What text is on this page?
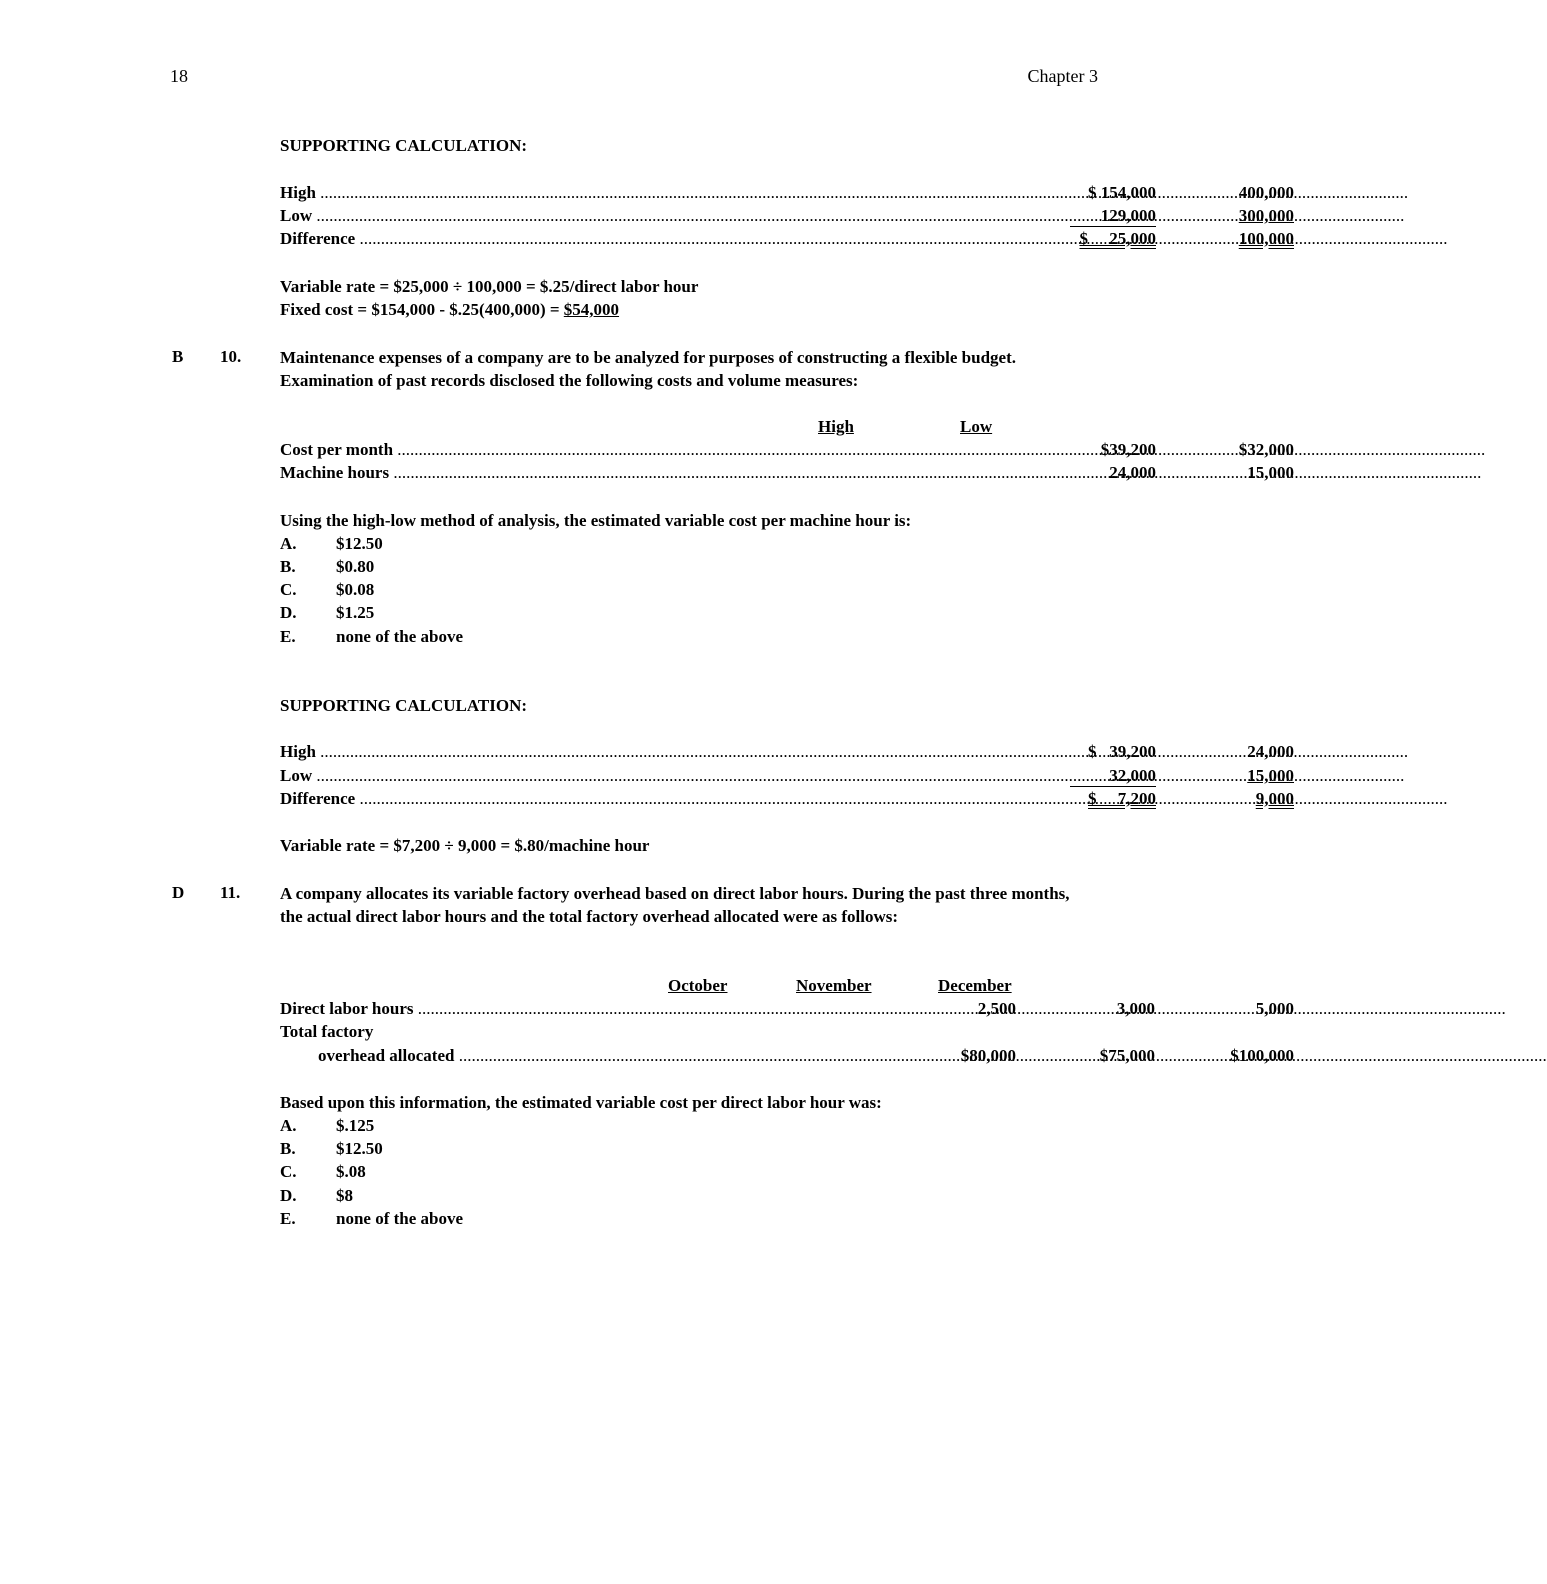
18	Chapter 3
SUPPORTING CALCULATION:
High .....	$ 154,000	400,000
Low .....	129,000	300,000
Difference .....	$     25,000	100,000
Variable rate = $25,000 ÷ 100,000 = $.25/direct labor hour
Fixed cost = $154,000 - $.25(400,000) = $54,000
B 10. Maintenance expenses of a company are to be analyzed for purposes of constructing a flexible budget. Examination of past records disclosed the following costs and volume measures:
High	Low
Cost per month .....	$39,200	$32,000
Machine hours .....	24,000	15,000
Using the high-low method of analysis, the estimated variable cost per machine hour is:
A. $12.50
B. $0.80
C. $0.08
D. $1.25
E. none of the above
SUPPORTING CALCULATION:
High .....	$   39,200	24,000
Low .....	32,000	15,000
Difference .....	$     7,200	9,000
Variable rate = $7,200 ÷ 9,000 = $.80/machine hour
D 11. A company allocates its variable factory overhead based on direct labor hours. During the past three months, the actual direct labor hours and the total factory overhead allocated were as follows:
October	November	December
Direct labor hours .....	2,500	3,000	5,000
Total factory
overhead allocated .....	$80,000	$75,000	$100,000
Based upon this information, the estimated variable cost per direct labor hour was:
A. $.125
B. $12.50
C. $.08
D. $8
E. none of the above
